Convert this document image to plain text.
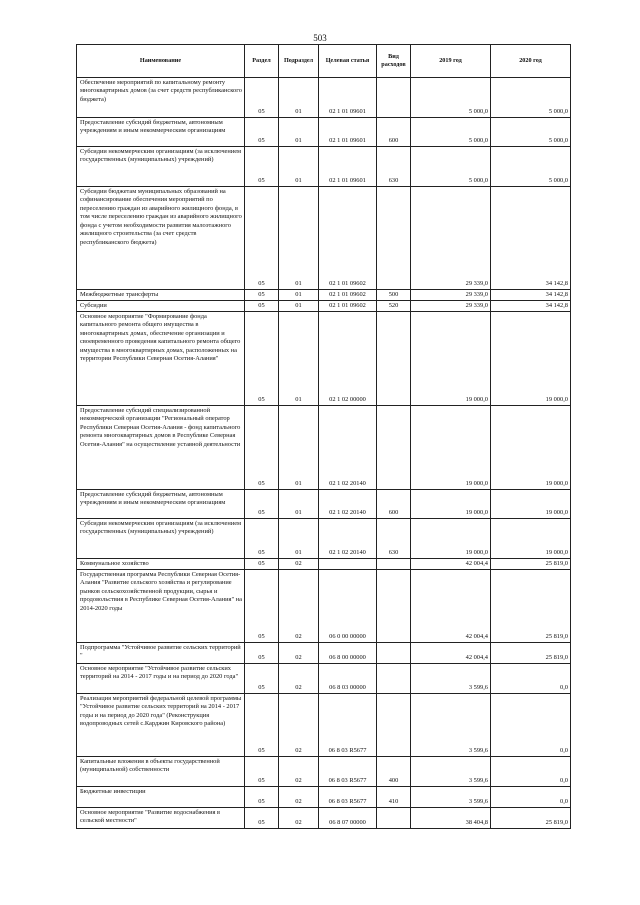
503
Наименование	Раздел	Подраздел	Целевая статья	Вид расходов	2019 год	2020 год
Обеспечение мероприятий по капитальному ремонту многоквартирных домов (за счет средств республиканского бюджета)	05	01	02 1 01 09601		5 000,0	5 000,0
Предоставление субсидий бюджетным, автономным учреждениям и иным некоммерческим организациям	05	01	02 1 01 09601	600	5 000,0	5 000,0
Субсидии некоммерческим организациям (за исключением государственных (муниципальных) учреждений)	05	01	02 1 01 09601	630	5 000,0	5 000,0
Субсидии бюджетам муниципальных образований на софинансирование обеспечения мероприятий по переселению граждан из аварийного жилищного фонда, в том числе переселению граждан из аварийного жилищного фонда с учетом необходимости развития малоэтажного жилищного строительства (за счет средств республиканского бюджета)	05	01	02 1 01 09602		29 339,0	34 142,8
Межбюджетные трансферты	05	01	02 1 01 09602	500	29 339,0	34 142,8
Субсидии	05	01	02 1 01 09602	520	29 339,0	34 142,8
Основное мероприятие "Формирование фонда капитального ремонта общего имущества в многоквартирных домах, обеспечение организации и своевременного проведения капитального ремонта общего имущества в многоквартирных домах, расположенных на территории Республики Северная Осетия-Алания"	05	01	02 1 02 00000		19 000,0	19 000,0
Предоставление субсидий специализированной некоммерческой организации "Региональный оператор Республики Северная Осетия-Алания - фонд капитального ремонта многоквартирных домов в Республике Северная Осетия-Алания" на осуществление уставной деятельности	05	01	02 1 02 20140		19 000,0	19 000,0
Предоставление субсидий бюджетным, автономным учреждениям и иным некоммерческим организациям	05	01	02 1 02 20140	600	19 000,0	19 000,0
Субсидии некоммерческим организациям (за исключением государственных (муниципальных) учреждений)	05	01	02 1 02 20140	630	19 000,0	19 000,0
Коммунальное хозяйство	05	02			42 004,4	25 819,0
Государственная программа Республики Северная Осетия-Алания "Развитие сельского хозяйства и регулирование рынков сельскохозяйственной продукции, сырья и продовольствия в Республике Северная Осетия-Алания" на 2014-2020 годы	05	02	06 0 00 00000		42 004,4	25 819,0
Подпрограмма "Устойчивое развитие сельских территорий "	05	02	06 8 00 00000		42 004,4	25 819,0
Основное мероприятие "Устойчивое развитие сельских территорий на 2014 - 2017 годы и на период до 2020 года"	05	02	06 8 03 00000		3 599,6	0,0
Реализация мероприятий федеральной целевой программы "Устойчивое развитие сельских территорий на 2014 - 2017 годы и на период до 2020 года" (Реконструкция водопроводных сетей с.Карджин Кировского района)	05	02	06 8 03 R5677		3 599,6	0,0
Капитальные вложения в объекты государственной (муниципальной) собственности	05	02	06 8 03 R5677	400	3 599,6	0,0
Бюджетные инвестиции	05	02	06 8 03 R5677	410	3 599,6	0,0
Основное мероприятие "Развитие водоснабжения в сельской местности"	05	02	06 8 07 00000		38 404,8	25 819,0
